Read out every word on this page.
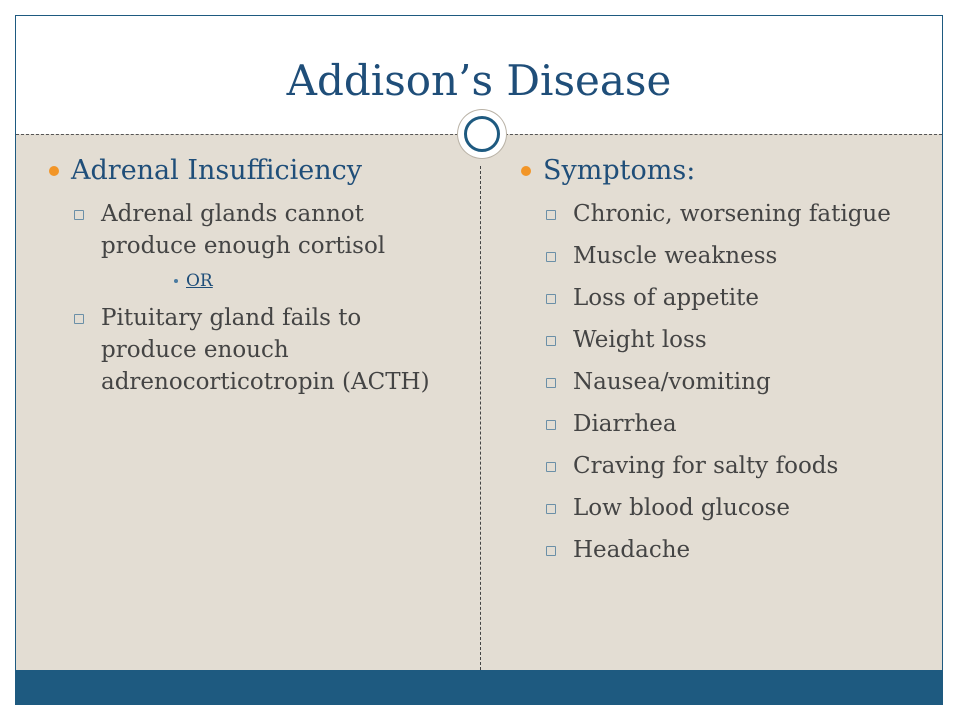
Addison’s Disease
Adrenal Insufficiency
Adrenal glands cannot produce enough cortisol
OR
Pituitary gland fails to produce enouch adrenocorticotropin (ACTH)
Symptoms:
Chronic, worsening fatigue
Muscle weakness
Loss of appetite
Weight loss
Nausea/vomiting
Diarrhea
Craving for salty foods
Low blood glucose
Headache
